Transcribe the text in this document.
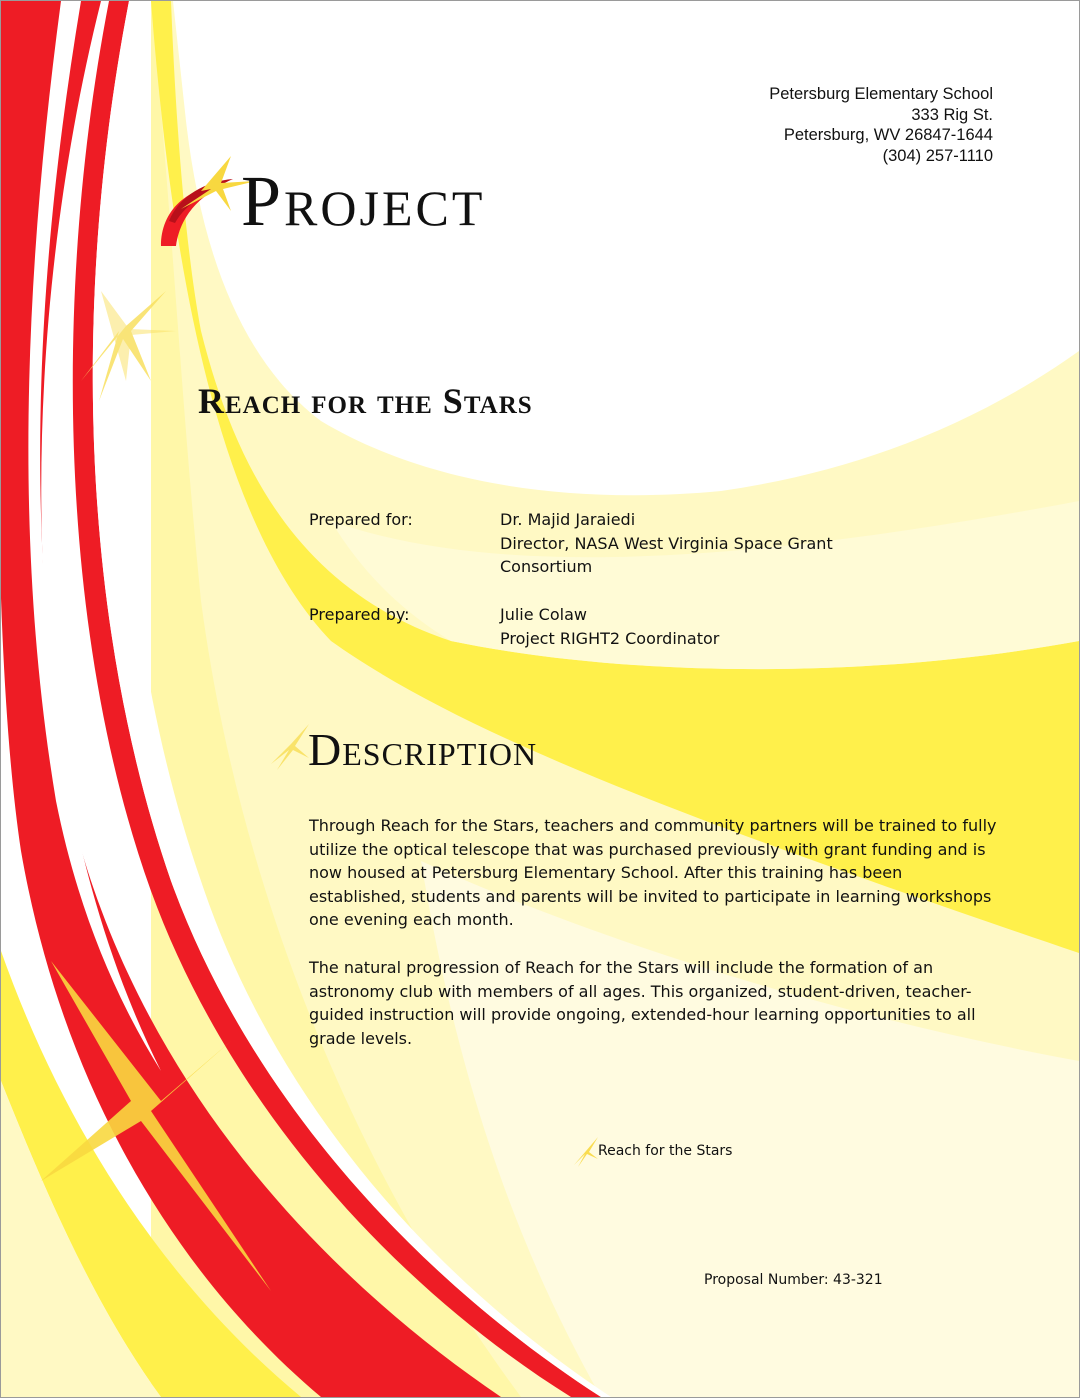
Petersburg Elementary School
333 Rig St.
Petersburg, WV 26847-1644
(304) 257-1110
Project
Reach for the Stars
Prepared for:	Dr. Majid Jaraiedi
Director, NASA West Virginia Space Grant
Consortium
Prepared by:	Julie Colaw
Project RIGHT2 Coordinator
Description
Through Reach for the Stars, teachers and community partners will be trained to fully
utilize the optical telescope that was purchased previously with grant funding and is
now housed at Petersburg Elementary School. After this training has been
established, students and parents will be invited to participate in learning workshops
one evening each month.
The natural progression of Reach for the Stars will include the formation of an
astronomy club with members of all ages. This organized, student-driven, teacher-
guided instruction will provide ongoing, extended-hour learning opportunities to all
grade levels.
Reach for the Stars
Proposal Number: 43-321
